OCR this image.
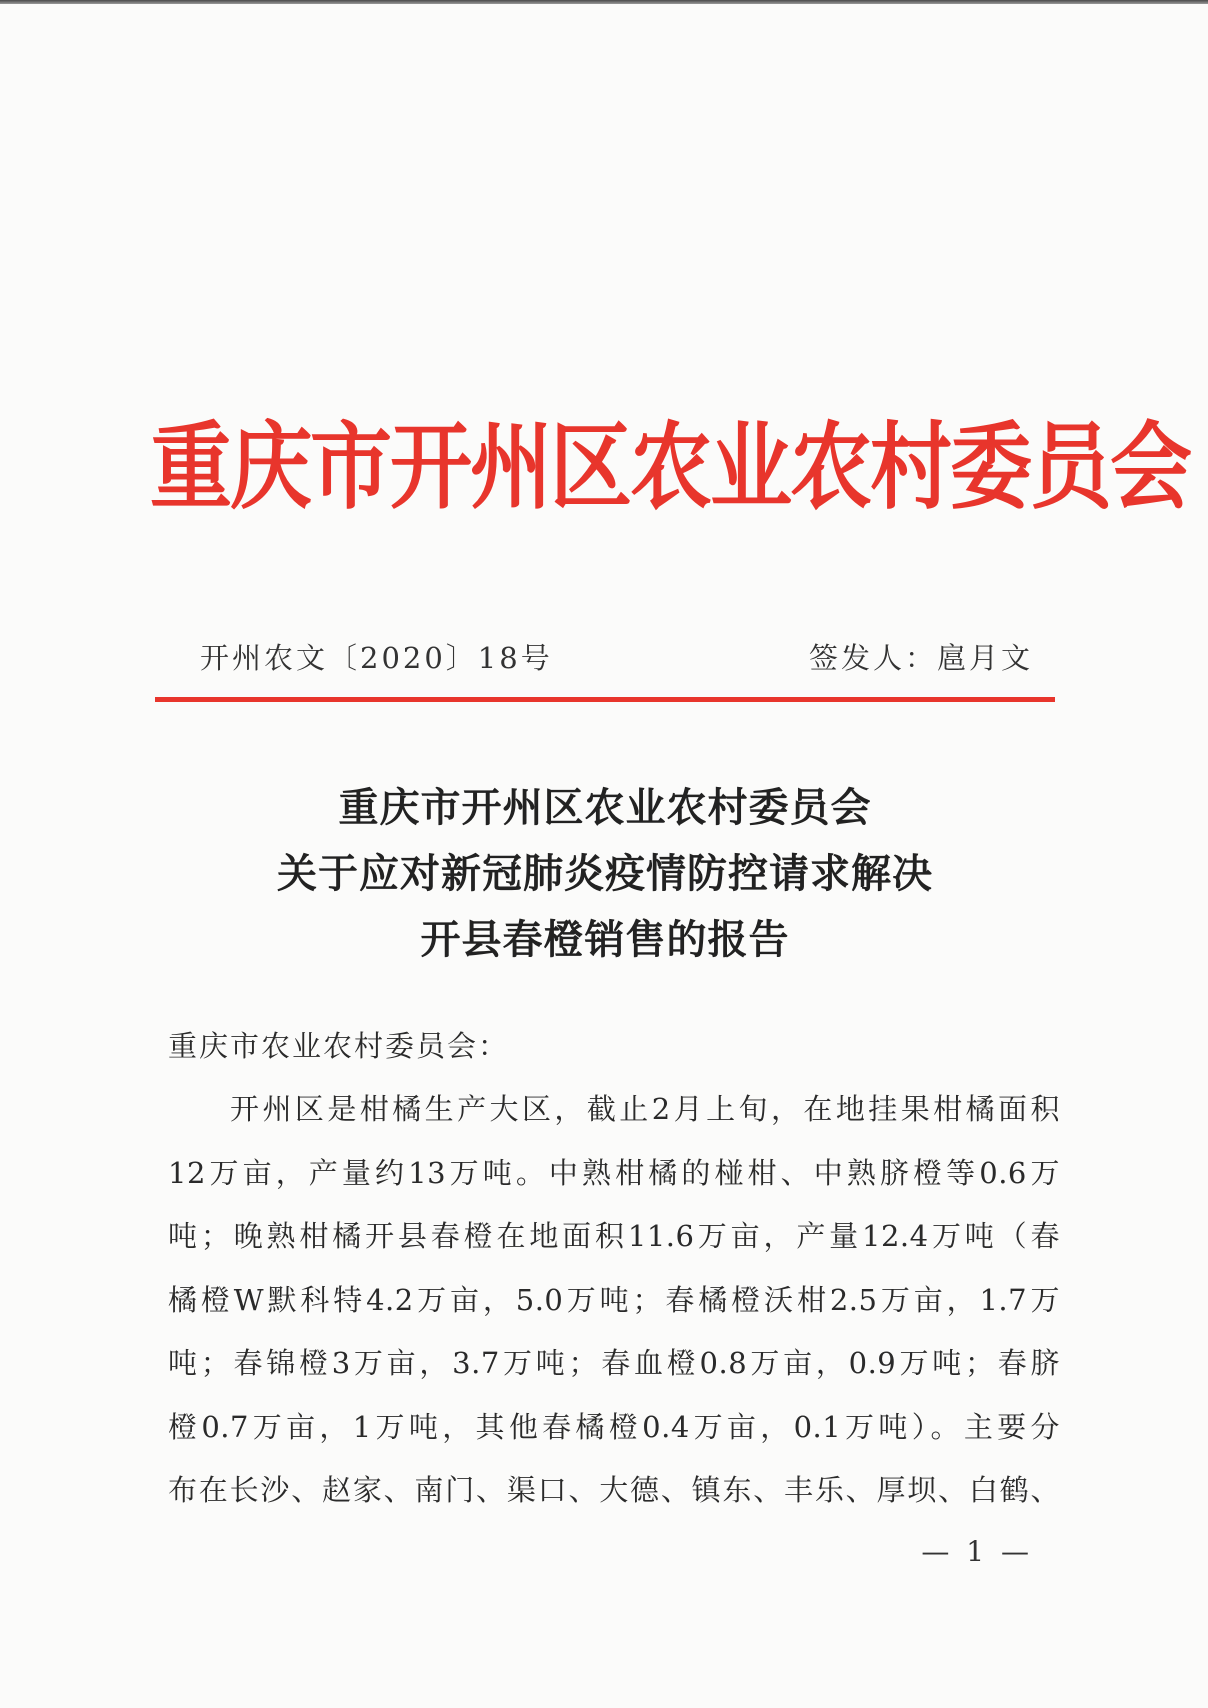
重庆市开州区农业农村委员会
开州农文〔2020〕18号	签发人：扈月文
重庆市开州区农业农村委员会
关于应对新冠肺炎疫情防控请求解决
开县春橙销售的报告
重庆市农业农村委员会：
开州区是柑橘生产大区，截止2月上旬，在地挂果柑橘面积
12万亩，产量约13万吨。中熟柑橘的椪柑、中熟脐橙等0.6万
吨；晚熟柑橘开县春橙在地面积11.6万亩，产量12.4万吨（春
橘橙W默科特4.2万亩，5.0万吨；春橘橙沃柑2.5万亩，1.7万
吨；春锦橙3万亩，3.7万吨；春血橙0.8万亩，0.9万吨；春脐
橙0.7万亩，1万吨，其他春橘橙0.4万亩，0.1万吨）。主要分
布在长沙、赵家、南门、渠口、大德、镇东、丰乐、厚坝、白鹤、
— 1 —
